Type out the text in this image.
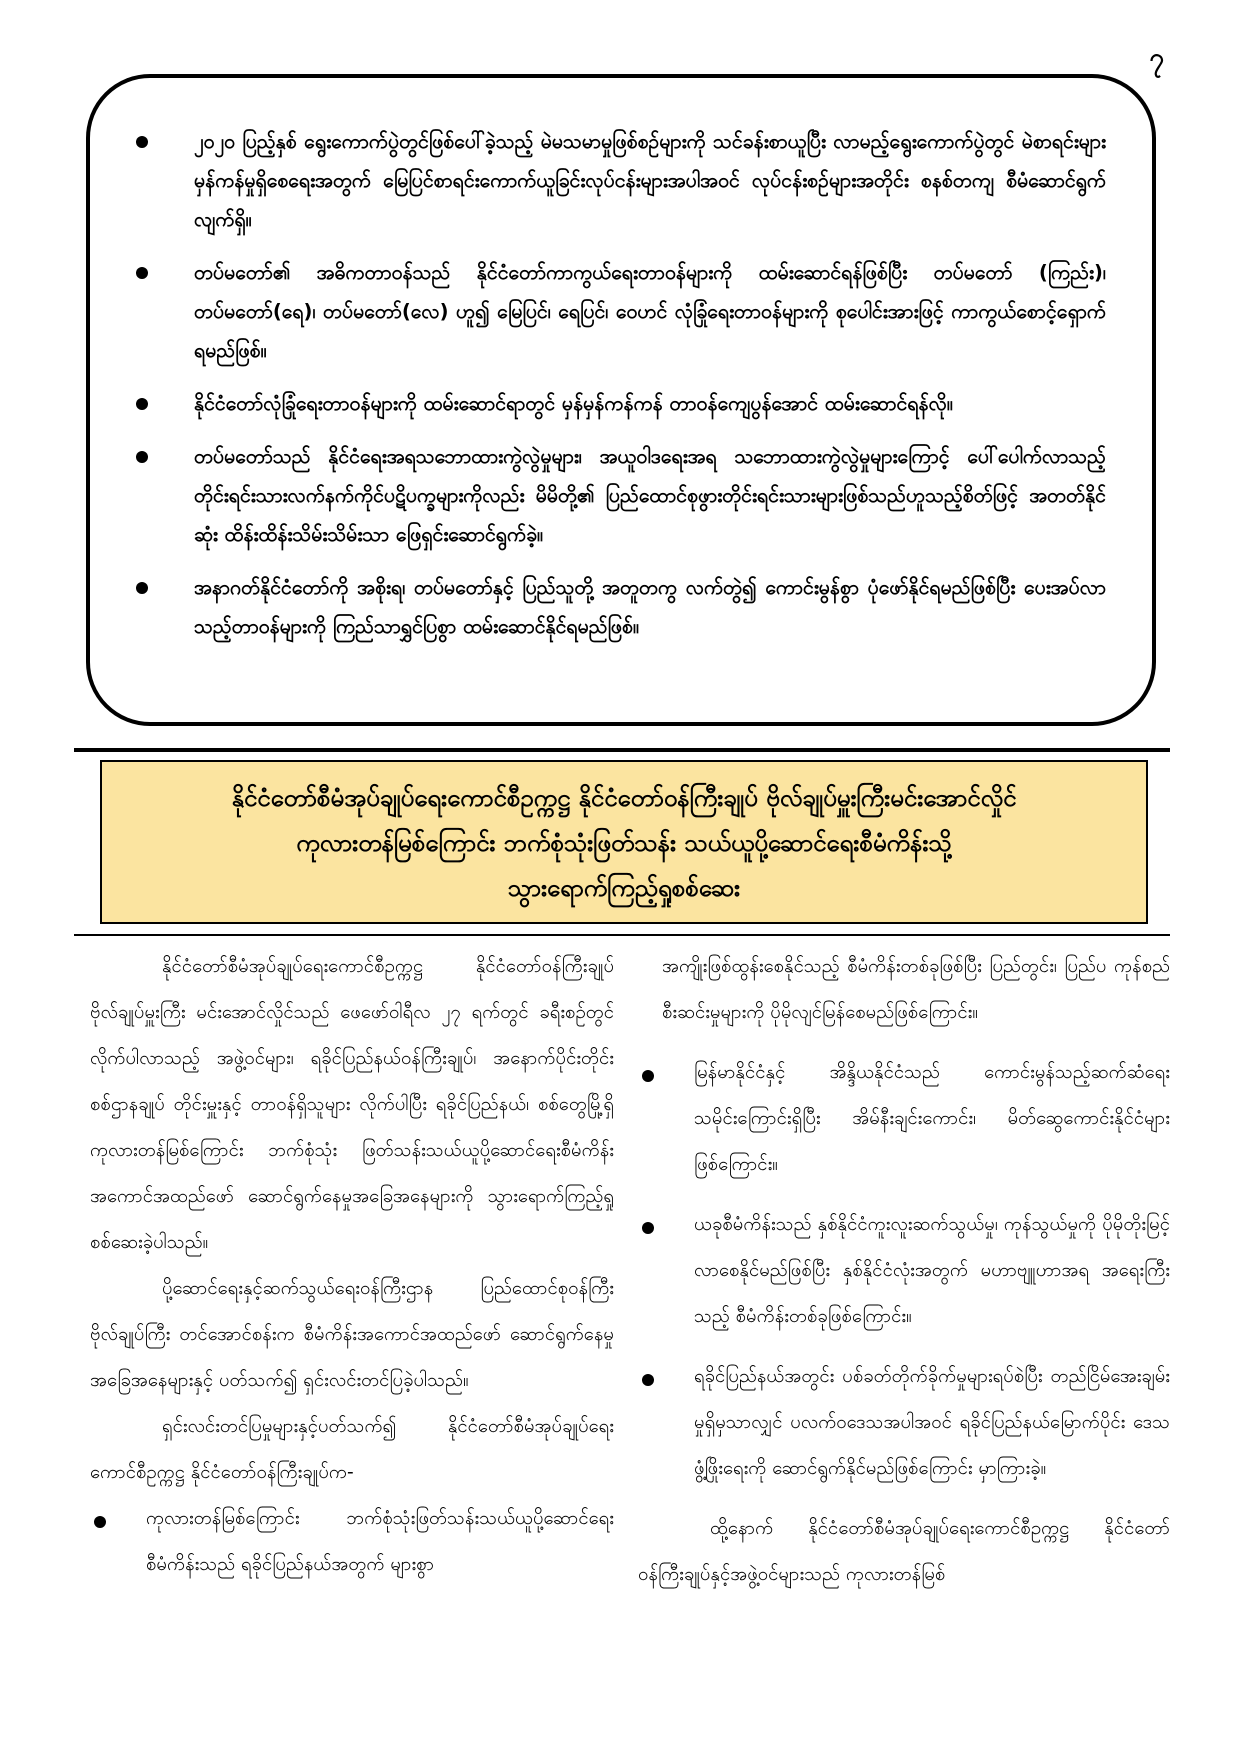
၇
၂၀၂၀ ပြည့်နှစ် ရွေးကောက်ပွဲတွင်ဖြစ်ပေါ်ခဲ့သည့် မဲမသမာမှုဖြစ်စဉ်များကို သင်ခန်းစာယူပြီး လာမည့်ရွေးကောက်ပွဲတွင် မဲစာရင်းများ မှန်ကန်မှုရှိစေရေးအတွက် မြေပြင်စာရင်းကောက်ယူခြင်းလုပ်ငန်းများအပါအဝင် လုပ်ငန်းစဉ်များအတိုင်း စနစ်တကျ စီမံဆောင်ရွက်လျက်ရှိ။
တပ်မတော်၏ အဓိကတာဝန်သည် နိုင်ငံတော်ကာကွယ်ရေးတာဝန်များကို ထမ်းဆောင်ရန်ဖြစ်ပြီး တပ်မတော် (ကြည်း)၊ တပ်မတော်(ရေ)၊ တပ်မတော်(လေ) ဟူ၍ မြေပြင်၊ ရေပြင်၊ ဝေဟင် လုံခြုံရေးတာဝန်များကို စုပေါင်းအားဖြင့် ကာကွယ်စောင့်ရှောက်ရမည်ဖြစ်။
နိုင်ငံတော်လုံခြုံရေးတာဝန်များကို ထမ်းဆောင်ရာတွင် မှန်မှန်ကန်ကန် တာဝန်ကျေပွန်အောင် ထမ်းဆောင်ရန်လို။
တပ်မတော်သည် နိုင်ငံရေးအရသဘောထားကွဲလွဲမှုများ၊ အယူဝါဒရေးအရ သဘောထားကွဲလွဲမှုများကြောင့် ပေါ်ပေါက်လာသည့် တိုင်းရင်းသားလက်နက်ကိုင်ပဋိပက္ခများကိုလည်း မိမိတို့၏ ပြည်ထောင်စုဖွားတိုင်းရင်းသားများဖြစ်သည်ဟူသည့်စိတ်ဖြင့် အတတ်နိုင်ဆုံး ထိန်းထိန်းသိမ်းသိမ်းသာ ဖြေရှင်းဆောင်ရွက်ခဲ့။
အနာဂတ်နိုင်ငံတော်ကို အစိုးရ၊ တပ်မတော်နှင့် ပြည်သူတို့ အတူတကွ လက်တွဲ၍ ကောင်းမွန်စွာ ပုံဖော်နိုင်ရမည်ဖြစ်ပြီး ပေးအပ်လာသည့်တာဝန်များကို ကြည်သာရွှင်ပြစွာ ထမ်းဆောင်နိုင်ရမည်ဖြစ်။
နိုင်ငံတော်စီမံအုပ်ချုပ်ရေးကောင်စီဥက္ကဋ္ဌ နိုင်ငံတော်ဝန်ကြီးချုပ် ဗိုလ်ချုပ်မှူးကြီးမင်းအောင်လှိုင်
ကုလားတန်မြစ်ကြောင်း ဘက်စုံသုံးဖြတ်သန်း သယ်ယူပို့ဆောင်ရေးစီမံကိန်းသို့
သွားရောက်ကြည့်ရှုစစ်ဆေး

နိုင်ငံတော်စီမံအုပ်ချုပ်ရေးကောင်စီဥက္ကဋ္ဌ နိုင်ငံတော်ဝန်ကြီးချုပ် ဗိုလ်ချုပ်မှူးကြီး မင်းအောင်လှိုင်သည် ဖေဖော်ဝါရီလ ၂၇ ရက်တွင် ခရီးစဉ်တွင်လိုက်ပါလာသည့် အဖွဲ့ဝင်များ၊ ရခိုင်ပြည်နယ်ဝန်ကြီးချုပ်၊ အနောက်ပိုင်းတိုင်းစစ်ဌာနချုပ် တိုင်းမှူးနှင့် တာဝန်ရှိသူများ လိုက်ပါပြီး ရခိုင်ပြည်နယ်၊ စစ်တွေမြို့ရှိ ကုလားတန်မြစ်ကြောင်း ဘက်စုံသုံး ဖြတ်သန်းသယ်ယူပို့ဆောင်ရေးစီမံကိန်း အကောင်အထည်ဖော် ဆောင်ရွက်နေမှုအခြေအနေများကို သွားရောက်ကြည့်ရှုစစ်ဆေးခဲ့ပါသည်။

ပို့ဆောင်ရေးနှင့်ဆက်သွယ်ရေးဝန်ကြီးဌာန ပြည်ထောင်စုဝန်ကြီး ဗိုလ်ချုပ်ကြီး တင်အောင်စန်းက စီမံကိန်းအကောင်အထည်ဖော် ဆောင်ရွက်နေမှုအခြေအနေများနှင့် ပတ်သက်၍ ရှင်းလင်းတင်ပြခဲ့ပါသည်။

ရှင်းလင်းတင်ပြမှုများနှင့်ပတ်သက်၍ နိုင်ငံတော်စီမံအုပ်ချုပ်ရေးကောင်စီဥက္ကဋ္ဌ နိုင်ငံတော်ဝန်ကြီးချုပ်က-

ကုလားတန်မြစ်ကြောင်း ဘက်စုံသုံးဖြတ်သန်းသယ်ယူပို့ဆောင်ရေးစီမံကိန်းသည် ရခိုင်ပြည်နယ်အတွက် များစွာ

အကျိုးဖြစ်ထွန်းစေနိုင်သည့် စီမံကိန်းတစ်ခုဖြစ်ပြီး ပြည်တွင်း၊ ပြည်ပ ကုန်စည်စီးဆင်းမှုများကို ပိုမိုလျင်မြန်စေမည်ဖြစ်ကြောင်း။

မြန်မာနိုင်ငံနှင့် အိန္ဒိယနိုင်ငံသည် ကောင်းမွန်သည့်ဆက်ဆံရေးသမိုင်းကြောင်းရှိပြီး အိမ်နီးချင်းကောင်း၊ မိတ်ဆွေကောင်းနိုင်ငံများဖြစ်ကြောင်း။
ယခုစီမံကိန်းသည် နှစ်နိုင်ငံကူးလူးဆက်သွယ်မှု၊ ကုန်သွယ်မှုကို ပိုမိုတိုးမြင့်လာစေနိုင်မည်ဖြစ်ပြီး နှစ်နိုင်ငံလုံးအတွက် မဟာဗျူဟာအရ အရေးကြီးသည့် စီမံကိန်းတစ်ခုဖြစ်ကြောင်း။
ရခိုင်ပြည်နယ်အတွင်း ပစ်ခတ်တိုက်ခိုက်မှုများရပ်စဲပြီး တည်ငြိမ်အေးချမ်းမှုရှိမှသာလျှင် ပလက်ဝဒေသအပါအဝင် ရခိုင်ပြည်နယ်မြောက်ပိုင်း ဒေသဖွံ့ဖြိုးရေးကို ဆောင်ရွက်နိုင်မည်ဖြစ်ကြောင်း မှာကြားခဲ့။

ထို့နောက် နိုင်ငံတော်စီမံအုပ်ချုပ်ရေးကောင်စီဥက္ကဋ္ဌ နိုင်ငံတော်ဝန်ကြီးချုပ်နှင့်အဖွဲ့ဝင်များသည် ကုလားတန်မြစ်
